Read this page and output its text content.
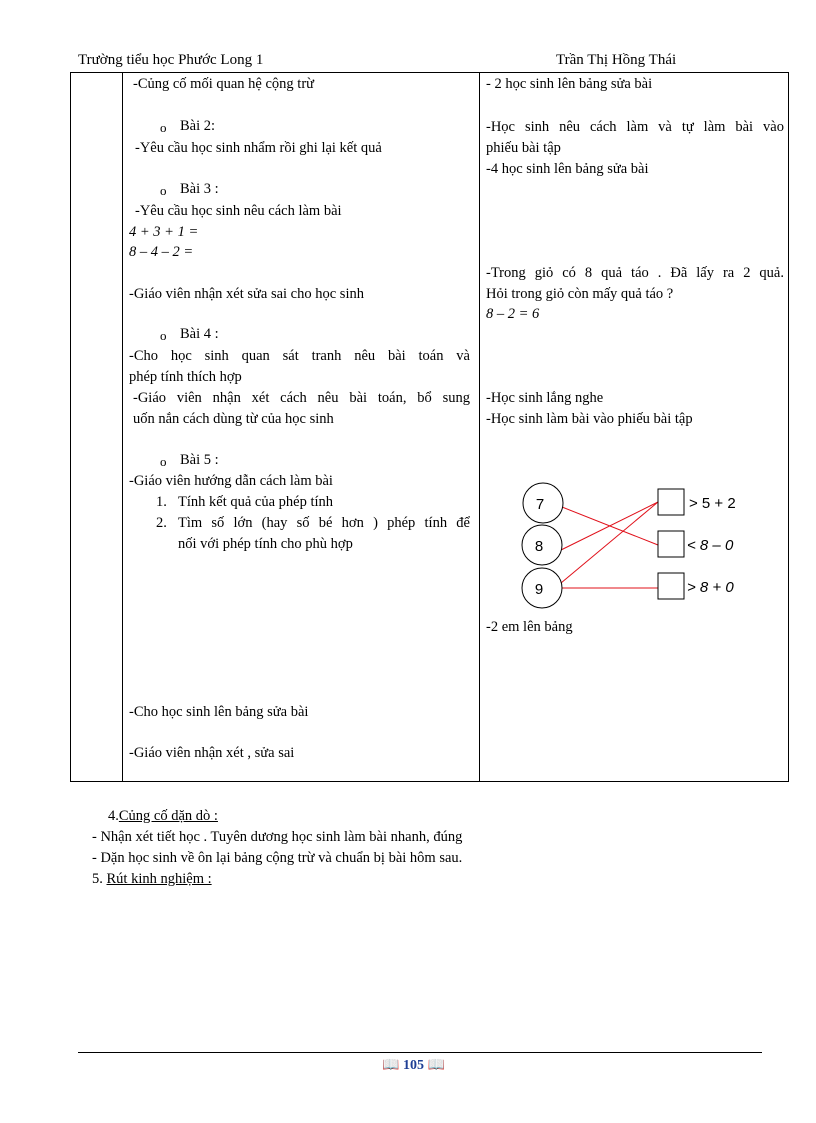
Trường tiểu học Phước Long 1	Trần Thị Hồng Thái
-Củng cố mối quan hệ cộng trừ
o Bài 2:
-Yêu cầu học sinh nhẩm rồi ghi lại kết quả
o Bài 3 :
-Yêu cầu học sinh nêu cách làm bài
4 + 3 + 1 =
8 – 4 – 2 =
-Giáo viên nhận xét sửa sai cho học sinh
o Bài 4 :
-Cho học sinh quan sát tranh nêu bài toán và
phép tính thích hợp
-Giáo viên nhận xét cách nêu bài toán, bổ sung
uốn nắn cách dùng từ của học sinh
o Bài 5 :
-Giáo viên hướng dẫn cách làm bài
1. Tính kết quả của phép tính
2. Tìm số lớn (hay số bé hơn ) phép tính để
nối với phép tính cho phù hợp
-Cho học sinh lên bảng sửa bài
-Giáo viên nhận xét , sửa sai
- 2 học sinh lên bảng sửa bài
-Học sinh nêu cách làm và tự làm bài vào
phiếu bài tập
-4 học sinh lên bảng sửa bài
-Trong giỏ có 8 quả táo . Đã lấy ra 2 quả.
Hỏi trong giỏ còn mấy quả táo ?
8 – 2 = 6
-Học sinh lắng nghe
-Học sinh làm bài vào phiếu bài tập
-2 em lên bảng
7
8
9
> 5 + 2
< 8 – 0
> 8 + 0
4.Củng cố dặn dò :
- Nhận xét tiết học . Tuyên dương học sinh làm bài nhanh, đúng
- Dặn học sinh về ôn lại bảng cộng trừ và chuẩn bị bài hôm sau.
5. Rút kinh nghiệm :
📖 105 📖
